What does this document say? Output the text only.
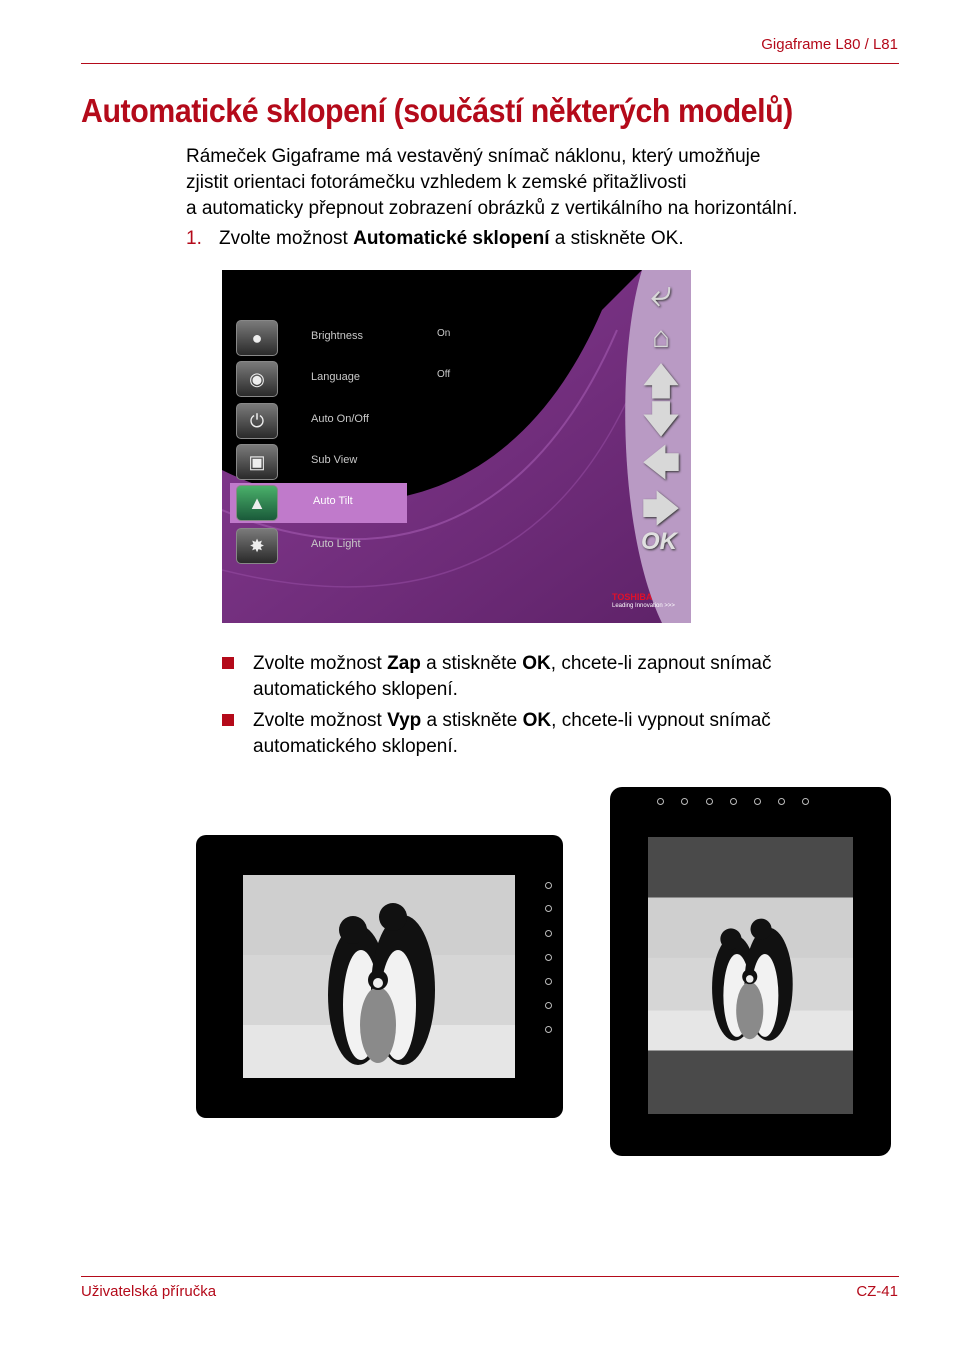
Gigaframe L80 / L81
Automatické sklopení (součástí některých modelů)
Rámeček Gigaframe má vestavěný snímač náklonu, který umožňuje
zjistit orientaci fotorámečku vzhledem k zemské přitažlivosti
a automaticky přepnout zobrazení obrázků z vertikálního na horizontální.
1. Zvolte možnost Automatické sklopení a stiskněte OK.
●	Brightness	On
◉	Language	Off
⏻	Auto On/Off
▣	Sub View
▲	Auto Tilt
✸	Auto Light
⤶
⌂
🡅
🡇
🡄
🡆
OK
TOSHIBA
Leading Innovation >>>
Zvolte možnost Zap a stiskněte OK, chcete-li zapnout snímač
automatického sklopení.
Zvolte možnost Vyp a stiskněte OK, chcete-li vypnout snímač
automatického sklopení.
Uživatelská příručka	CZ-41
